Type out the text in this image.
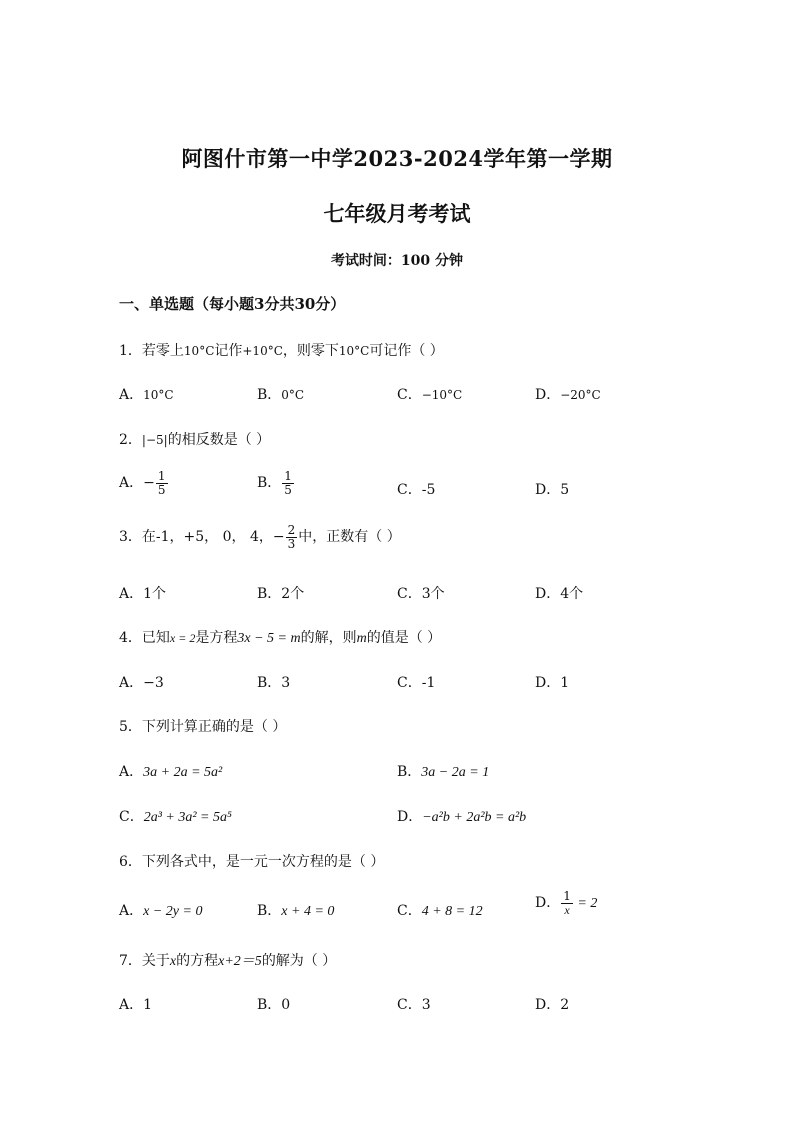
阿图什市第一中学2023-2024学年第一学期
七年级月考考试
考试时间：100 分钟
一、单选题（每小题3分共30分）
1．若零上10°C记作+10°C，则零下10°C可记作（ ）
A．10°C	B．0°C	C．−10°C	D．−20°C
2．|−5|的相反数是（ ）
A．− $\frac{1}{5}$	B． $\frac{1}{5}$	C．-5	D．5
3．在-1，+5， 0， 4，− $\frac{2}{3}$ 中，正数有（ ）
A．1个	B．2个	C．3个	D．4个
4．已知x = 2是方程3x − 5 = m的解，则m的值是（ ）
A．−3	B．3	C．-1	D．1
5．下列计算正确的是（ ）
A．3a + 2a = 5a²	B．3a − 2a = 1
C．2a³ + 3a² = 5a⁵	D．−a²b + 2a²b = a²b
6．下列各式中，是一元一次方程的是（ ）
A．x − 2y = 0	B．x + 4 = 0	C．4 + 8 = 12
D． $\frac{1}{x} = 2$
7．关于x的方程x+2＝5的解为（ ）
A．1	B．0	C．3	D．2
